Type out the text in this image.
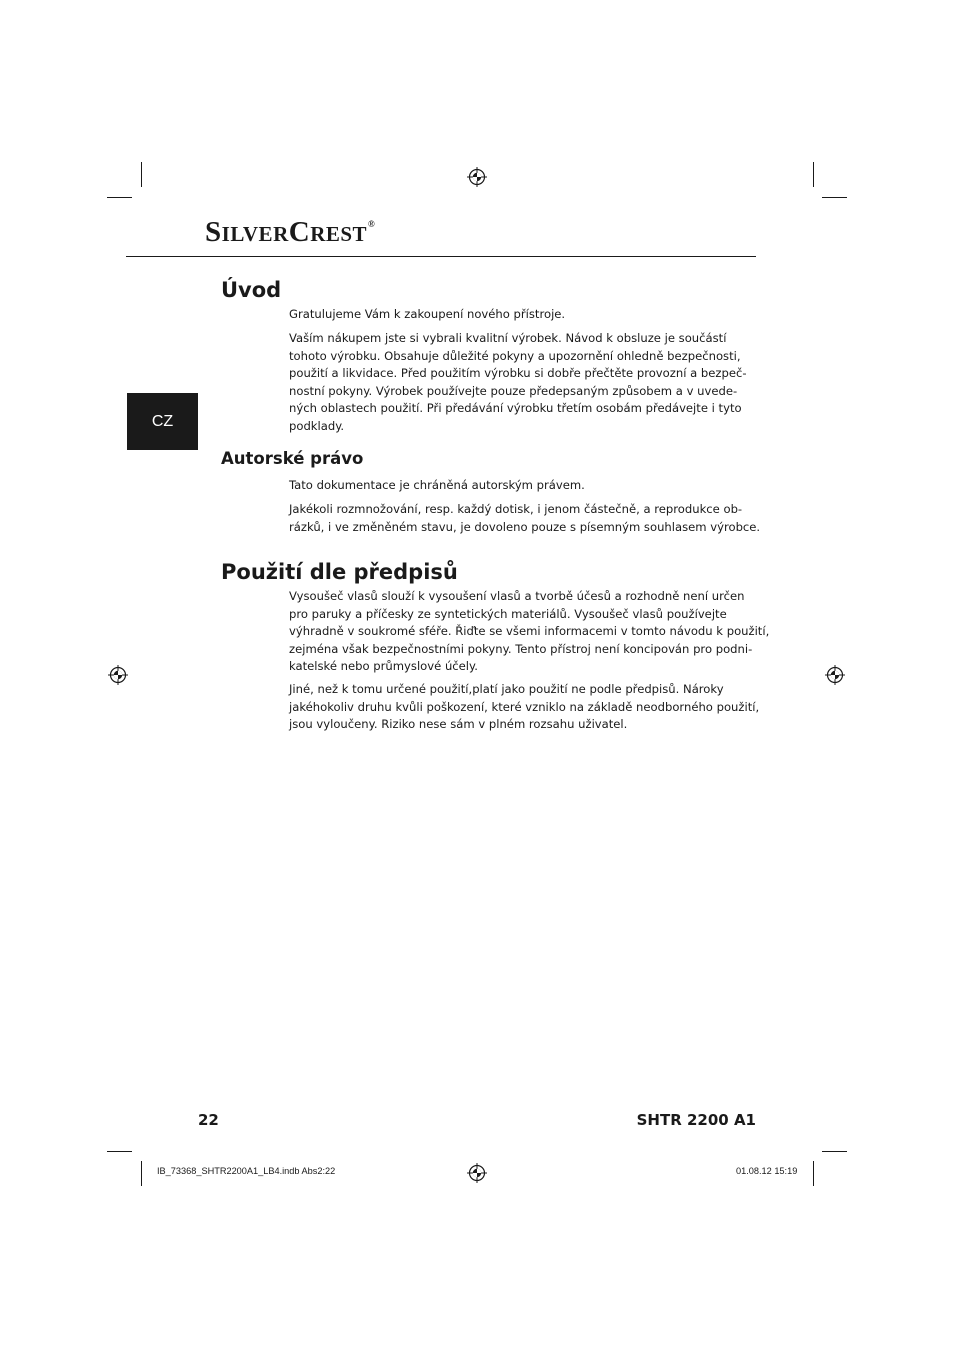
SILVERCREST®
CZ
Úvod

Gratulujeme Vám k zakoupení nového přístroje.

Vaším nákupem jste si vybrali kvalitní výrobek. Návod k obsluze je součástí
tohoto výrobku. Obsahuje důležité pokyny a upozornění ohledně bezpečnosti,
použití a likvidace. Před použitím výrobku si dobře přečtěte provozní a bezpeč-
nostní pokyny. Výrobek používejte pouze předepsaným způsobem a v uvede-
ných oblastech použití. Při předávání výrobku třetím osobám předávejte i tyto
podklady.

Autorské právo

Tato dokumentace je chráněná autorským právem.

Jakékoli rozmnožování, resp. každý dotisk, i jenom částečně, a reprodukce ob-
rázků, i ve změněném stavu, je dovoleno pouze s písemným souhlasem výrobce.

Použití dle předpisů

Vysoušeč vlasů slouží k vysoušení vlasů a tvorbě účesů a rozhodně není určen
pro paruky a příčesky ze syntetických materiálů. Vysoušeč vlasů používejte
výhradně v soukromé sféře. Řiďte se všemi informacemi v tomto návodu k použití,
zejména však bezpečnostními pokyny. Tento přístroj není koncipován pro podni-
katelské nebo průmyslové účely.

Jiné, než k tomu určené použití,platí jako použití ne podle předpisů. Nároky
jakéhokoliv druhu kvůli poškození, které vzniklo na základě neodborného použití,
jsou vyloučeny. Riziko nese sám v plném rozsahu uživatel.

22	SHTR 2200 A1
IB_73368_SHTR2200A1_LB4.indb Abs2:22	01.08.12 15:19
